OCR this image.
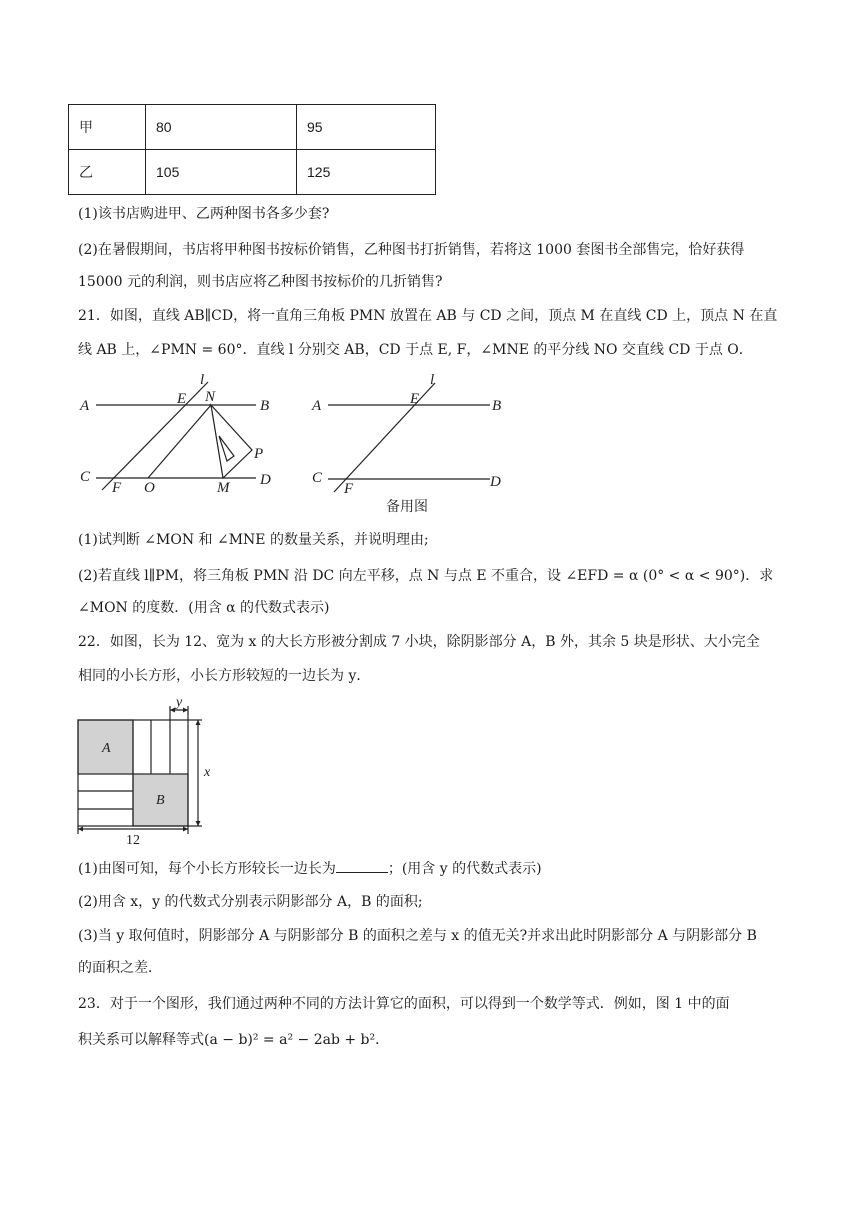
甲	80	95
乙	105	125
(1)该书店购进甲、乙两种图书各多少套?
(2)在暑假期间，书店将甲种图书按标价销售，乙种图书打折销售，若将这 1000 套图书全部售完，恰好获得
15000 元的利润，则书店应将乙种图书按标价的几折销售?
21．如图，直线 AB∥CD，将一直角三角板 PMN 放置在 AB 与 CD 之间，顶点 M 在直线 CD 上，顶点 N 在直
线 AB 上，∠PMN = 60°．直线 l 分别交 AB，CD 于点 E, F，∠MNE 的平分线 NO 交直线 CD 于点 O．
A	B
C	D
E
F
l
N
O	M
P
A	B
C	D
E
F
l
备用图
(1)试判断 ∠MON 和 ∠MNE 的数量关系，并说明理由;
(2)若直线 l∥PM，将三角板 PMN 沿 DC 向左平移，点 N 与点 E 不重合，设 ∠EFD = α (0° < α < 90°)．求
∠MON 的度数．(用含 α 的代数式表示)
22．如图，长为 12、宽为 x 的大长方形被分割成 7 小块，除阴影部分 A，B 外，其余 5 块是形状、大小完全
相同的小长方形，小长方形较短的一边长为 y．
A
B
y
x
12
(1)由图可知，每个小长方形较长一边长为	；(用含 y 的代数式表示)
(2)用含 x，y 的代数式分别表示阴影部分 A，B 的面积;
(3)当 y 取何值时，阴影部分 A 与阴影部分 B 的面积之差与 x 的值无关?并求出此时阴影部分 A 与阴影部分 B
的面积之差．
23．对于一个图形，我们通过两种不同的方法计算它的面积，可以得到一个数学等式．例如，图 1 中的面
积关系可以解释等式(a − b)² = a² − 2ab + b²．
